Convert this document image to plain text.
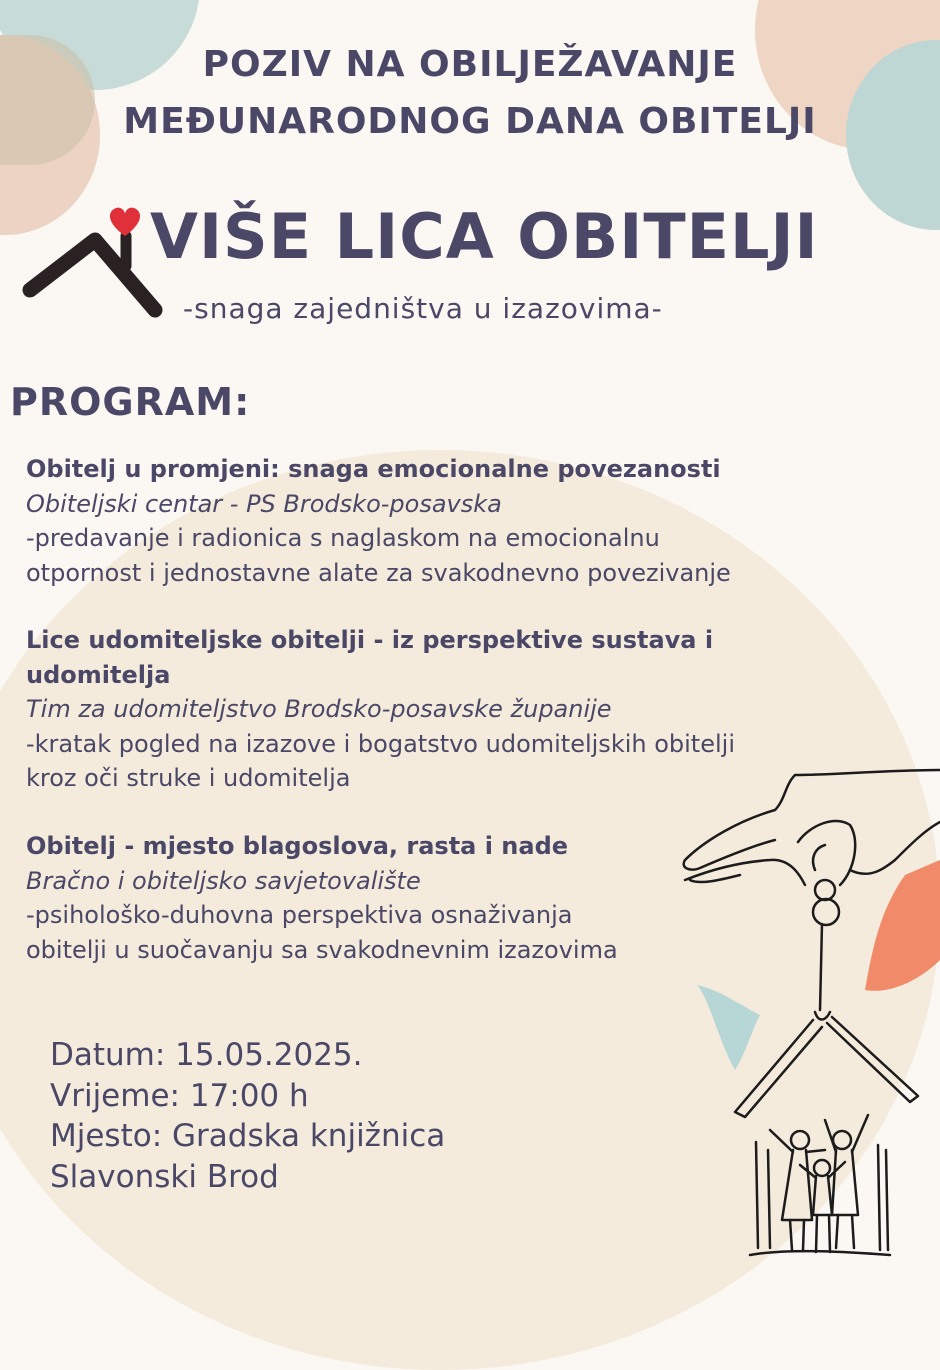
POZIV NA OBILJEŽAVANJE
MEĐUNARODNOG DANA OBITELJI
VIŠE LICA OBITELJI
-snaga zajedništva u izazovima-
PROGRAM:
Obitelj u promjeni: snaga emocionalne povezanosti
Obiteljski centar - PS Brodsko-posavska
-predavanje i radionica s naglaskom na emocionalnu
otpornost i jednostavne alate za svakodnevno povezivanje
Lice udomiteljske obitelji - iz perspektive sustava i
udomitelja
Tim za udomiteljstvo Brodsko-posavske županije
-kratak pogled na izazove i bogatstvo udomiteljskih obitelji
kroz oči struke i udomitelja
Obitelj - mjesto blagoslova, rasta i nade
Bračno i obiteljsko savjetovalište
-psihološko-duhovna perspektiva osnaživanja
obitelji u suočavanju sa svakodnevnim izazovima
Datum: 15.05.2025.
Vrijeme: 17:00 h
Mjesto: Gradska knjižnica
Slavonski Brod
